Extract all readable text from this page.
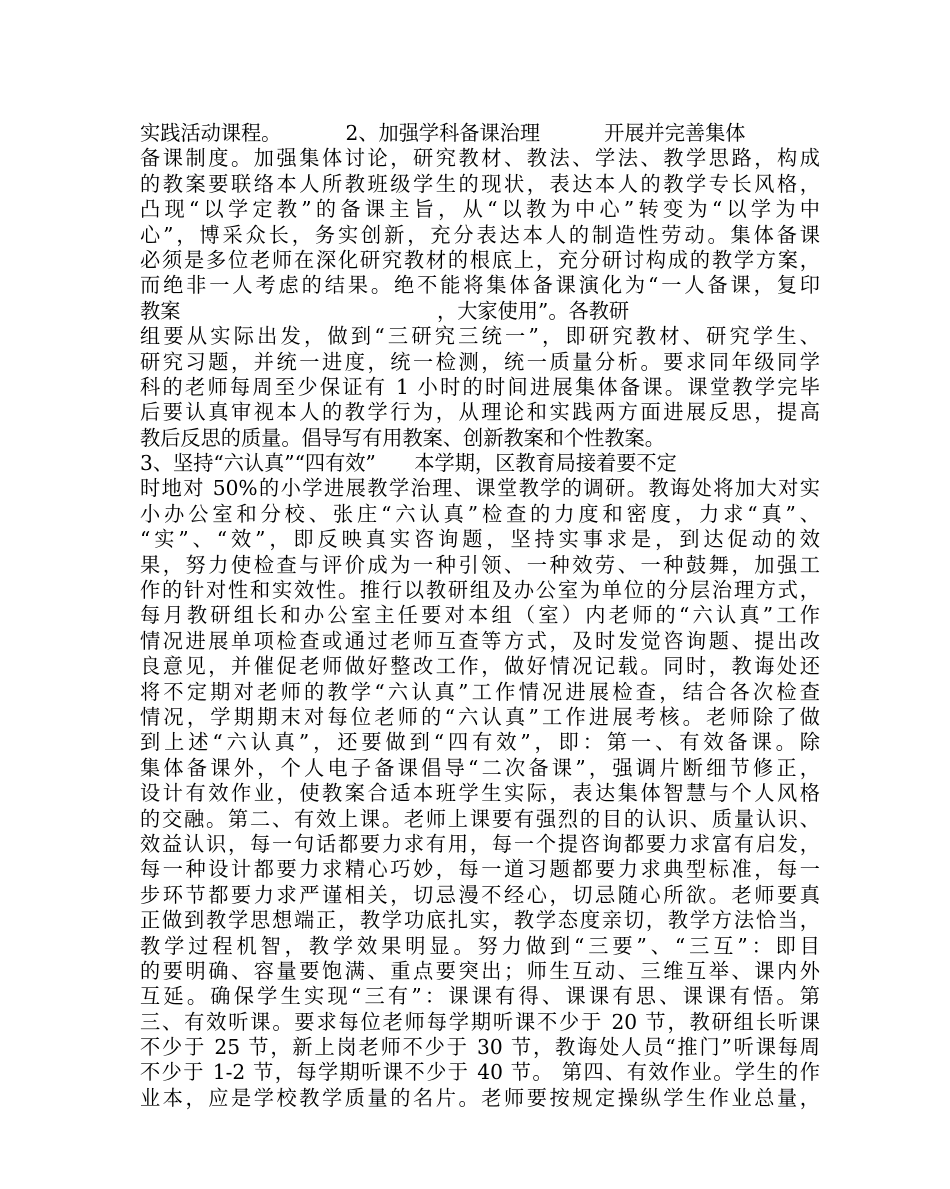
实践活动课程。          2、加强学科备课治理          开展并完善集体
备课制度。加强集体讨论，研究教材、教法、学法、教学思路，构成
的教案要联络本人所教班级学生的现状，表达本人的教学专长风格，
凸现“以学定教”的备课主旨，从“以教为中心”转变为“以学为中
心”，博采众长，务实创新，充分表达本人的制造性劳动。集体备课
必须是多位老师在深化研究教材的根底上，充分研讨构成的教学方案，
而绝非一人考虑的结果。绝不能将集体备课演化为“一人备课，复印
教案                                        ，大家使用”。各教研
组要从实际出发，做到“三研究三统一”，即研究教材、研究学生、
研究习题，并统一进度，统一检测，统一质量分析。要求同年级同学
科的老师每周至少保证有 1 小时的时间进展集体备课。课堂教学完毕
后要认真审视本人的教学行为，从理论和实践两方面进展反思，提高
教后反思的质量。倡导写有用教案、创新教案和个性教案。
3、坚持“六认真”“四有效”      本学期，区教育局接着要不定
时地对 50%的小学进展教学治理、课堂教学的调研。教诲处将加大对实
小办公室和分校、张庄“六认真”检查的力度和密度，力求“真”、
“实”、“效”，即反映真实咨询题，坚持实事求是，到达促动的效
果，努力使检查与评价成为一种引领、一种效劳、一种鼓舞，加强工
作的针对性和实效性。推行以教研组及办公室为单位的分层治理方式，
每月教研组长和办公室主任要对本组（室）内老师的“六认真”工作
情况进展单项检查或通过老师互查等方式，及时发觉咨询题、提出改
良意见，并催促老师做好整改工作，做好情况记载。同时，教诲处还
将不定期对老师的教学“六认真”工作情况进展检查，结合各次检查
情况，学期期末对每位老师的“六认真”工作进展考核。老师除了做
到上述“六认真”，还要做到“四有效”，即：第一、有效备课。除
集体备课外，个人电子备课倡导“二次备课”，强调片断细节修正，
设计有效作业，使教案合适本班学生实际，表达集体智慧与个人风格
的交融。第二、有效上课。老师上课要有强烈的目的认识、质量认识、
效益认识，每一句话都要力求有用，每一个提咨询都要力求富有启发，
每一种设计都要力求精心巧妙，每一道习题都要力求典型标准，每一
步环节都要力求严谨相关，切忌漫不经心，切忌随心所欲。老师要真
正做到教学思想端正，教学功底扎实，教学态度亲切，教学方法恰当，
教学过程机智，教学效果明显。努力做到“三要”、“三互”：即目
的要明确、容量要饱满、重点要突出；师生互动、三维互举、课内外
互延。确保学生实现“三有”：课课有得、课课有思、课课有悟。第
三、有效听课。要求每位老师每学期听课不少于 20 节，教研组长听课
不少于 25 节，新上岗老师不少于 30 节，教诲处人员“推门”听课每周
不少于 1-2 节，每学期听课不少于 40 节。 第四、有效作业。学生的作
业本，应是学校教学质量的名片。老师要按规定操纵学生作业总量，
